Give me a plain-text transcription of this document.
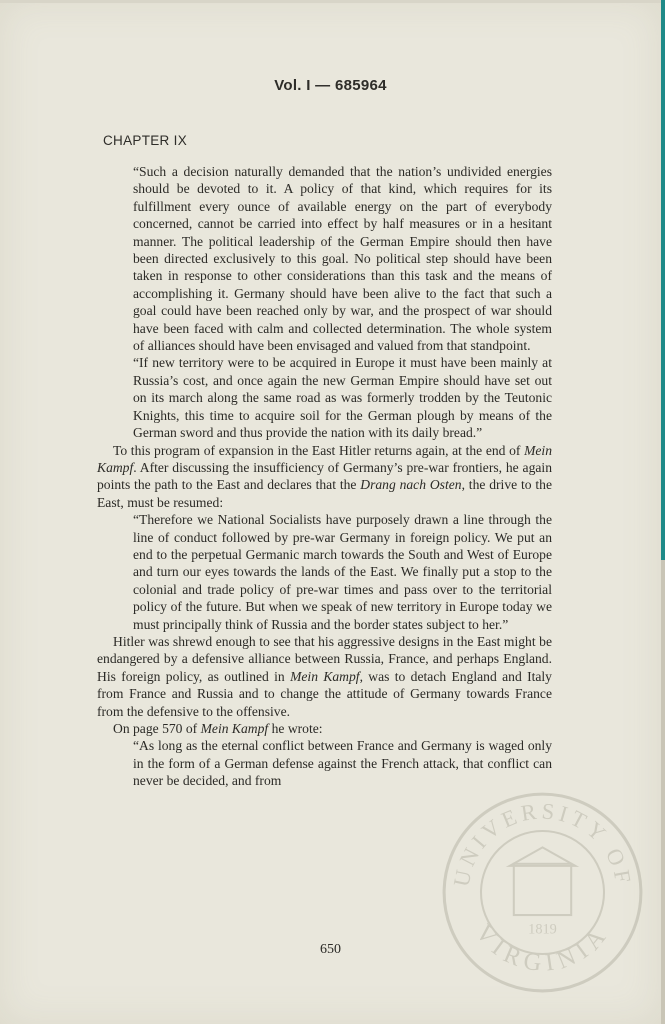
Vol. I — 685964
CHAPTER IX

“Such a decision naturally demanded that the nation’s undivided energies should be devoted to it. A policy of that kind, which requires for its fulfillment every ounce of available energy on the part of everybody concerned, cannot be carried into effect by half measures or in a hesitant manner. The political leadership of the German Empire should then have been directed exclusively to this goal. No political step should have been taken in response to other considerations than this task and the means of accomplishing it. Germany should have been alive to the fact that such a goal could have been reached only by war, and the prospect of war should have been faced with calm and collected determination. The whole system of alliances should have been envisaged and valued from that standpoint.

“If new territory were to be acquired in Europe it must have been mainly at Russia’s cost, and once again the new German Empire should have set out on its march along the same road as was formerly trodden by the Teutonic Knights, this time to acquire soil for the German plough by means of the German sword and thus provide the nation with its daily bread.”

To this program of expansion in the East Hitler returns again, at the end of Mein Kampf. After discussing the insufficiency of Germany’s pre-war frontiers, he again points the path to the East and declares that the Drang nach Osten, the drive to the East, must be resumed:

“Therefore we National Socialists have purposely drawn a line through the line of conduct followed by pre-war Germany in foreign policy. We put an end to the perpetual Germanic march towards the South and West of Europe and turn our eyes towards the lands of the East. We finally put a stop to the colonial and trade policy of pre-war times and pass over to the territorial policy of the future. But when we speak of new territory in Europe today we must principally think of Russia and the border states subject to her.”

Hitler was shrewd enough to see that his aggressive designs in the East might be endangered by a defensive alliance between Russia, France, and perhaps England. His foreign policy, as outlined in Mein Kampf, was to detach England and Italy from France and Russia and to change the attitude of Germany towards France from the defensive to the offensive.

On page 570 of Mein Kampf he wrote:

“As long as the eternal conflict between France and Germany is waged only in the form of a German defense against the French attack, that conflict can never be decided, and from

650
UNIVERSITY OF
VIRGINIA
1819
